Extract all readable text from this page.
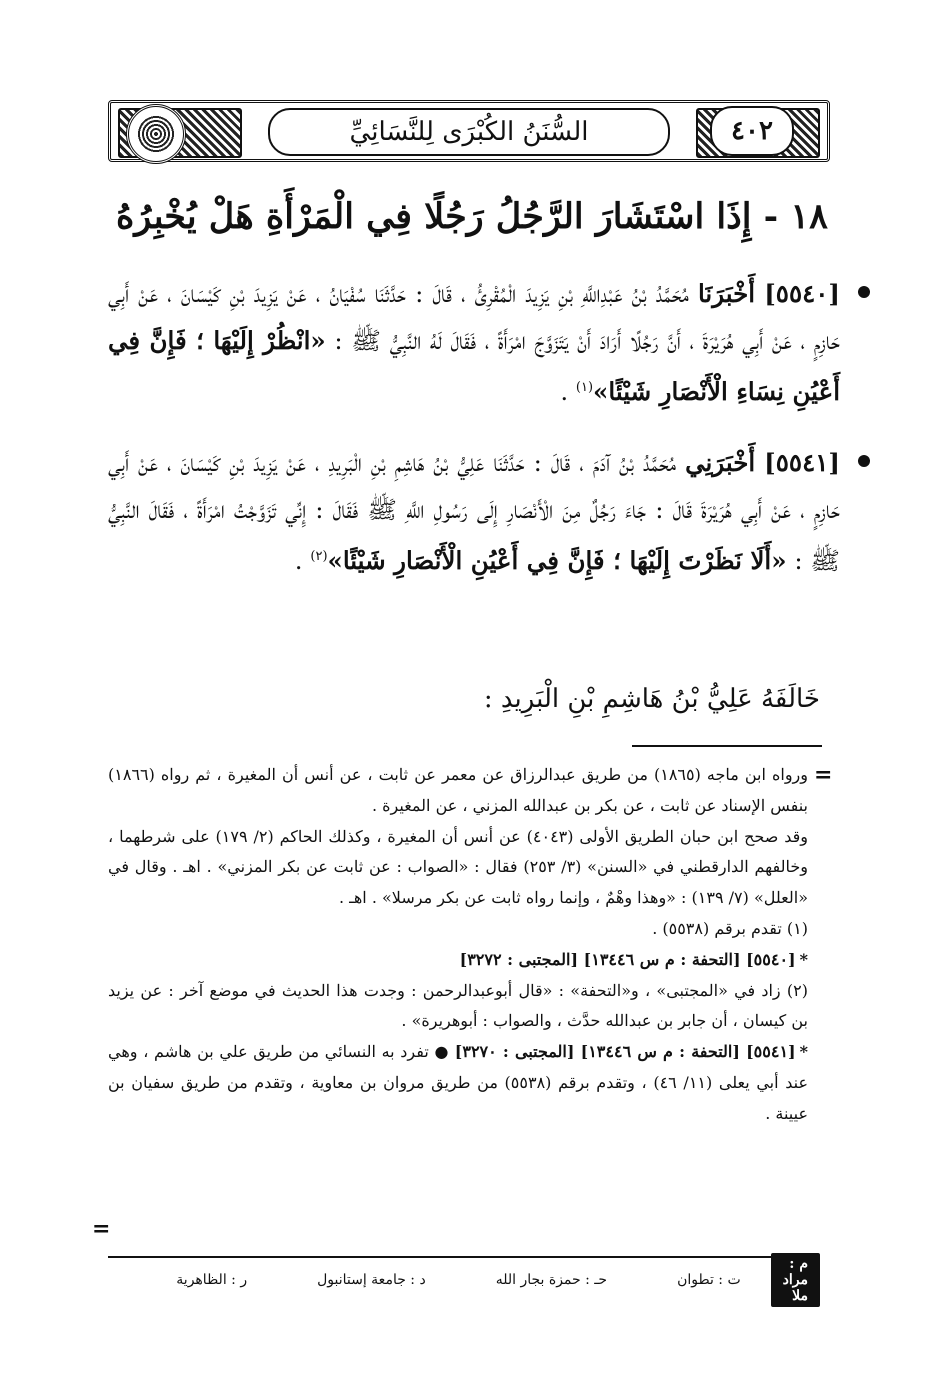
السُّنَنُ الكُبْرَى لِلنَّسَائِيِّ	٤٠٢
١٨ - إِذَا اسْتَشَارَ الرَّجُلُ رَجُلًا فِي الْمَرْأَةِ هَلْ يُخْبِرُهُ
[٥٥٤٠] أَخْبَرَنَا مُحَمَّدُ بْنُ عَبْدِاللَّهِ بْنِ يَزِيدَ الْمُقْرِئُ ، قَالَ : حَدَّثَنَا سُفْيَانُ ، عَنْ يَزِيدَ بْنِ كَيْسَانَ ، عَنْ أَبِي حَازِمٍ ، عَنْ أَبِي هُرَيْرَةَ ، أَنَّ رَجُلًا أَرَادَ أَنْ يَتَزَوَّجَ امْرَأَةً ، فَقَالَ لَهُ النَّبِيُّ ﷺ : «انْظُرْ إِلَيْهَا ؛ فَإِنَّ فِي أَعْيُنِ نِسَاءِ الْأَنْصَارِ شَيْئًا»$^{(١)}$ .
[٥٥٤١] أَخْبَرَنِي مُحَمَّدُ بْنُ آدَمَ ، قَالَ : حَدَّثَنَا عَلِيُّ بْنُ هَاشِمِ بْنِ الْبَرِيدِ ، عَنْ يَزِيدَ بْنِ كَيْسَانَ ، عَنْ أَبِي حَازِمٍ ، عَنْ أَبِي هُرَيْرَةَ قَالَ : جَاءَ رَجُلٌ مِنَ الْأَنْصَارِ إِلَى رَسُولِ اللَّهِ ﷺ فَقَالَ : إِنِّي تَزَوَّجْتُ امْرَأَةً ، فَقَالَ النَّبِيُّ ﷺ : «أَلَا نَظَرْتَ إِلَيْهَا ؛ فَإِنَّ فِي أَعْيُنِ الْأَنْصَارِ شَيْئًا»$^{(٢)}$ .
خَالَفَهُ عَلِيُّ بْنُ هَاشِمِ بْنِ الْبَرِيدِ :
=

ورواه ابن ماجه (١٨٦٥) من طريق عبدالرزاق عن معمر عن ثابت ، عن أنس أن المغيرة ، ثم رواه (١٨٦٦) بنفس الإسناد عن ثابت ، عن بكر بن عبدالله المزني ، عن المغيرة .

وقد صحح ابن حبان الطريق الأولى (٤٠٤٣) عن أنس أن المغيرة ، وكذلك الحاكم (٢/ ١٧٩) على شرطهما ، وخالفهم الدارقطني في «السنن» (٣/ ٢٥٣) فقال : «الصواب : عن ثابت عن بكر المزني» . اهـ . وقال في «العلل» (٧/ ١٣٩) : «وهذا وهْمٌ ، وإنما رواه ثابت عن بكر مرسلا» . اهـ .

(١) تقدم برقم (٥٥٣٨) .

*[٥٥٤٠] [التحفة : م س ١٣٤٤٦] [المجتبى : ٣٢٧٢]

(٢) زاد في «المجتبى» ، و«التحفة» : «قال أبوعبدالرحمن : وجدت هذا الحديث في موضع آخر : عن يزيد بن كيسان ، أن جابر بن عبدالله حدَّث ، والصواب : أبوهريرة» .

*[٥٥٤١] [التحفة : م س ١٣٤٤٦] [المجتبى : ٣٢٧٠] ● تفرد به النسائي من طريق علي بن هاشم ، وهي عند أبي يعلى (١١/ ٤٦) ، وتقدم برقم (٥٥٣٨) من طريق مروان بن معاوية ، وتقدم من طريق سفيان بن عيينة .

=
م : مراد ملا
ت : تطوان
حـ : حمزة بجار الله
د : جامعة إستانبول
ر : الظاهرية
